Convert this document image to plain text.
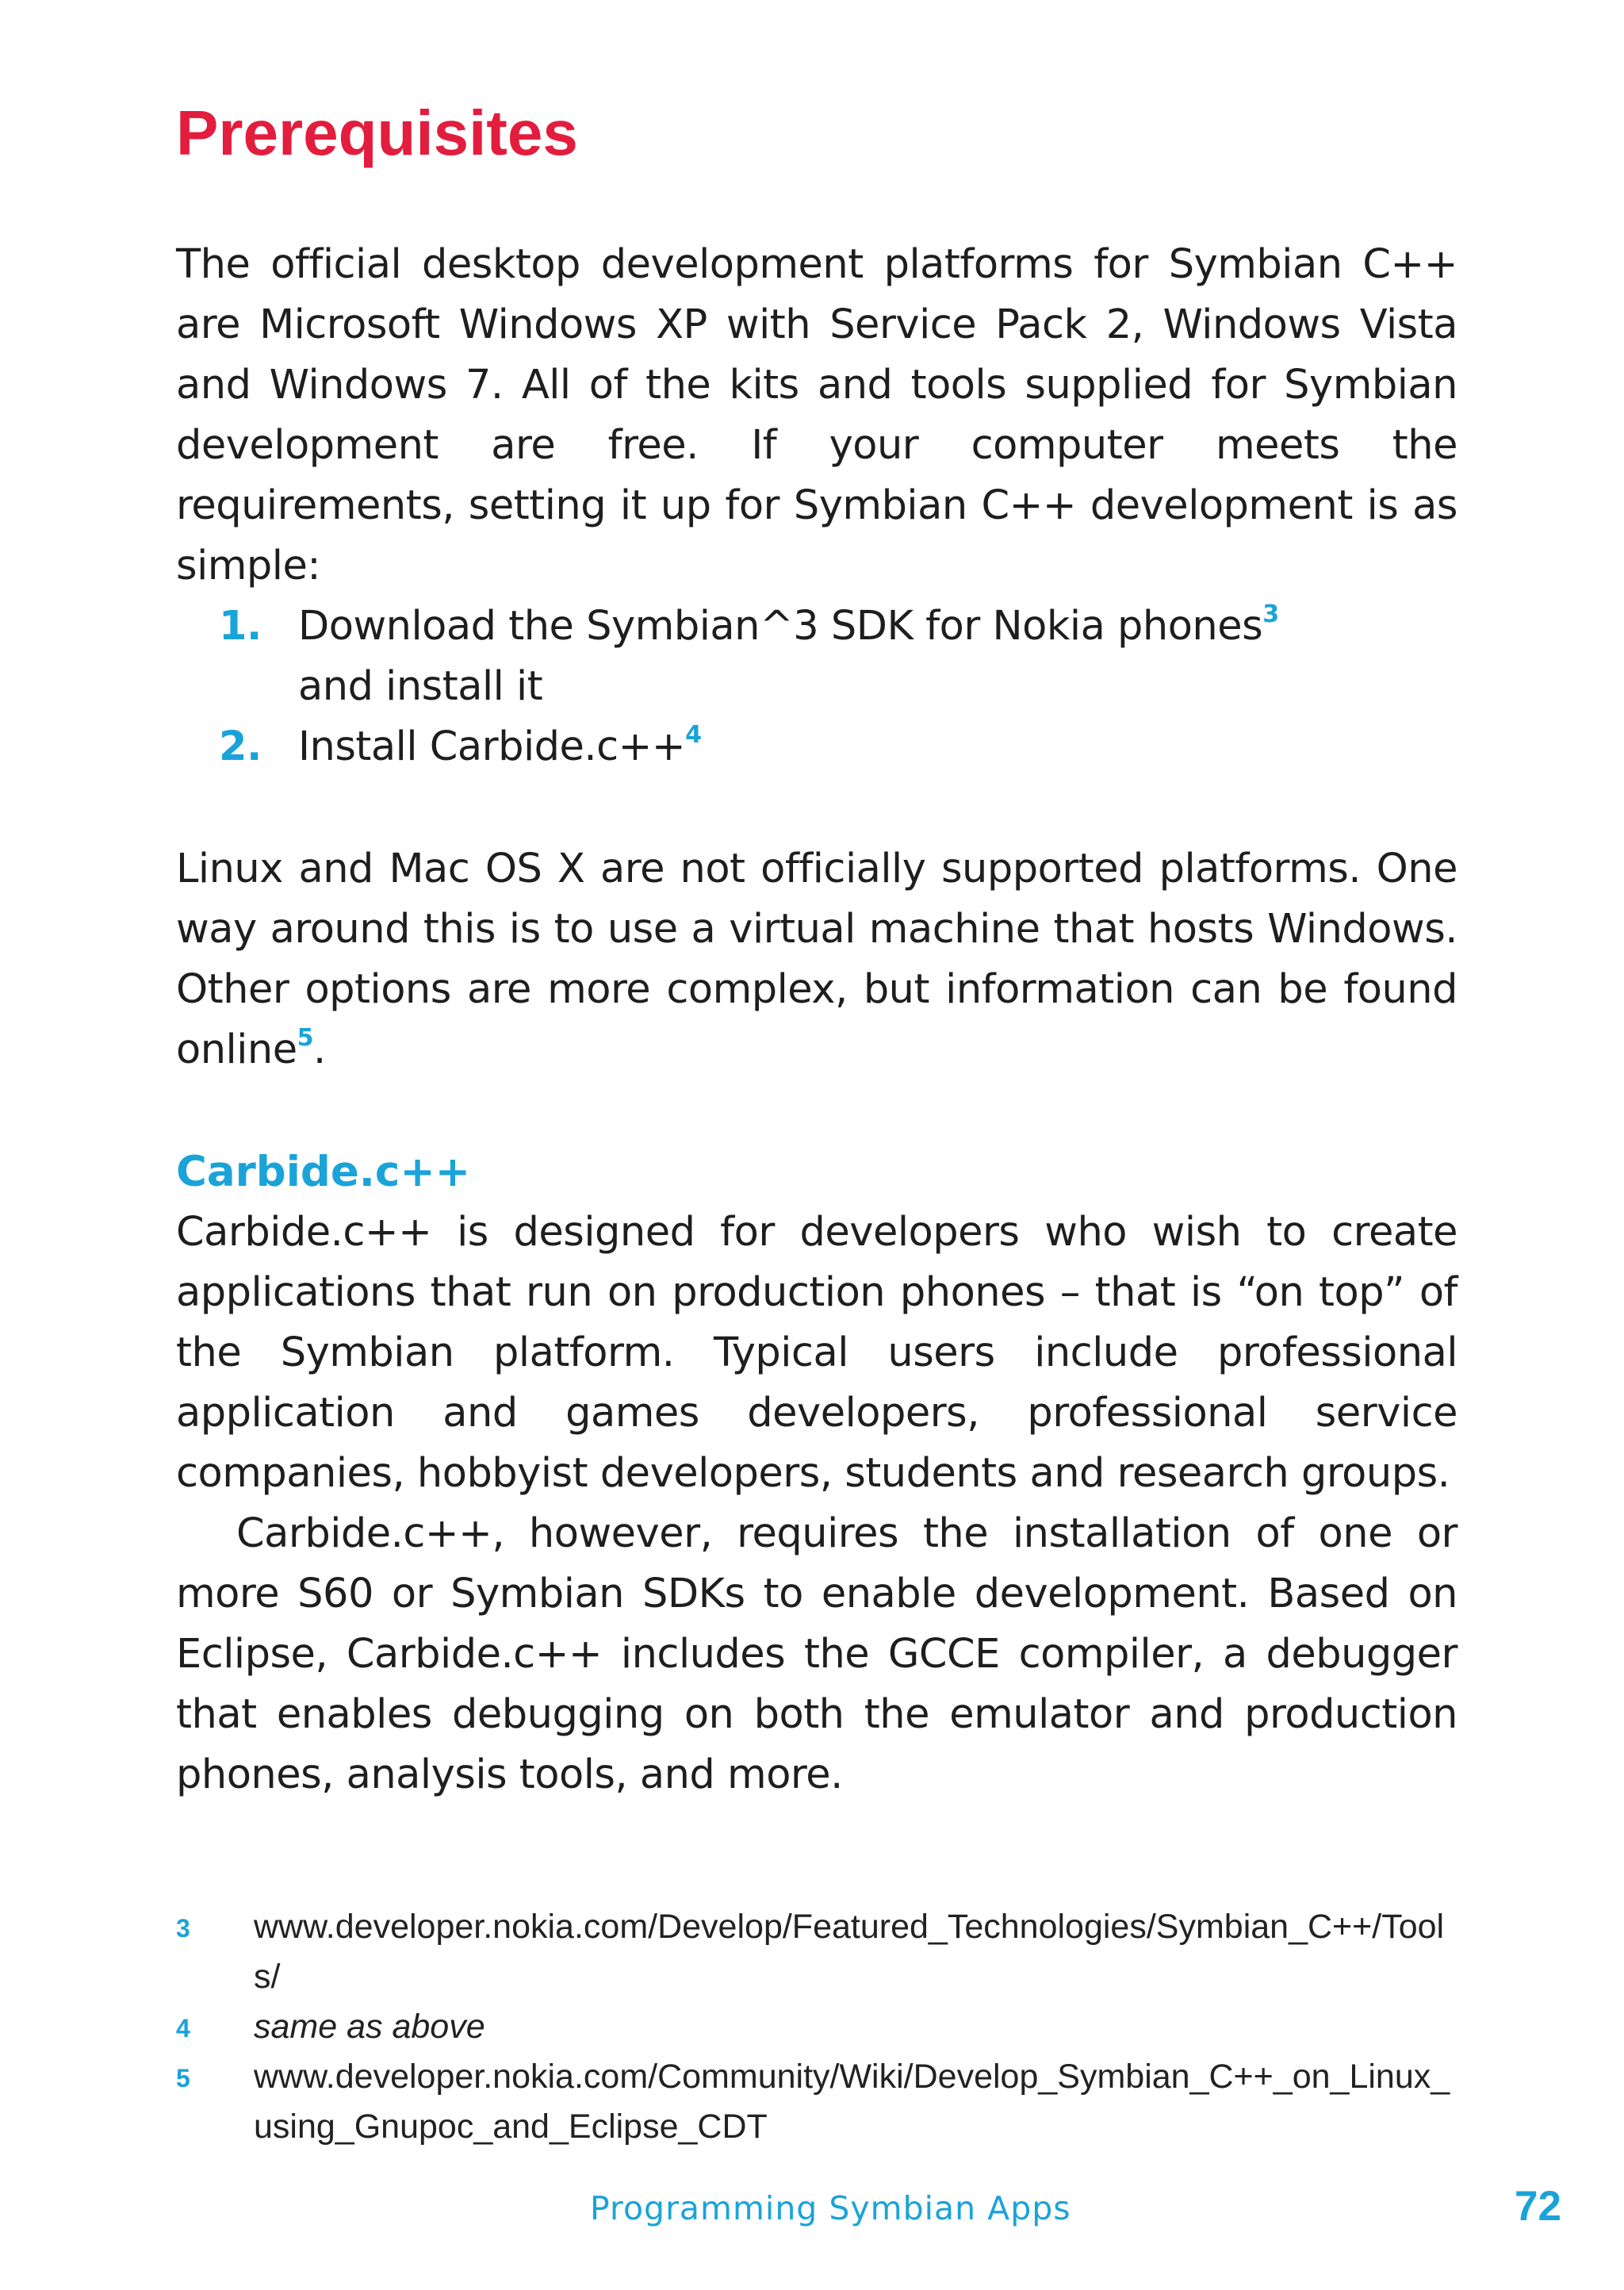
Prerequisites

The official desktop development platforms for Symbian C++ are Microsoft Windows XP with Service Pack 2, Windows Vista and Windows 7. All of the kits and tools supplied for Symbian development are free. If your computer meets the requirements, setting it up for Symbian C++ development is as simple:

1. Download the Symbian^3 SDK for Nokia phones$^3$ and install it
2. Install Carbide.c++$^4$

Linux and Mac OS X are not officially supported platforms. One way around this is to use a virtual machine that hosts Windows. Other options are more complex, but information can be found online$^5$.

Carbide.c++

Carbide.c++ is designed for developers who wish to create applications that run on production phones – that is “on top” of the Symbian platform. Typical users include professional application and games developers, professional service companies, hobbyist developers, students and research groups.

Carbide.c++, however, requires the installation of one or more S60 or Symbian SDKs to enable development. Based on Eclipse, Carbide.c++ includes the GCCE compiler, a debugger that enables debugging on both the emulator and production phones, analysis tools, and more.

3 www.developer.nokia.com/Develop/Featured_Technologies/Symbian_C++/Tools/
4 same as above
5 www.developer.nokia.com/Community/Wiki/Develop_Symbian_C++_on_Linux_using_Gnupoc_and_Eclipse_CDT
Programming Symbian Apps	72
